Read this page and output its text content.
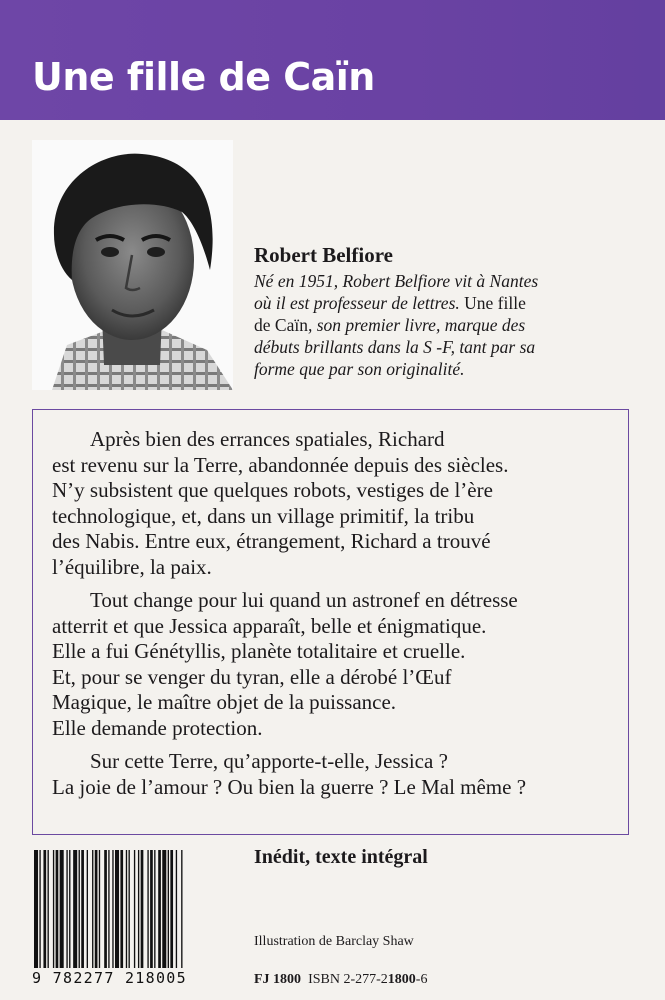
Une fille de Caïn
Robert Belfiore

Né en 1951, Robert Belfiore vit à Nantes

où il est professeur de lettres. Une fille

de Caïn, son premier livre, marque des

débuts brillants dans la S -F, tant par sa

forme que par son originalité.

Après bien des errances spatiales, Richard

est revenu sur la Terre, abandonnée depuis des siècles.

N’y subsistent que quelques robots, vestiges de l’ère

technologique, et, dans un village primitif, la tribu

des Nabis. Entre eux, étrangement, Richard a trouvé

l’équilibre, la paix.

Tout change pour lui quand un astronef en détresse

atterrit et que Jessica apparaît, belle et énigmatique.

Elle a fui Génétyllis, planète totalitaire et cruelle.

Et, pour se venger du tyran, elle a dérobé l’Œuf

Magique, le maître objet de la puissance.

Elle demande protection.

Sur cette Terre, qu’apporte-t-elle, Jessica ?

La joie de l’amour ? Ou bien la guerre ? Le Mal même ?

9 782277 218005
Inédit, texte intégral
Illustration de Barclay Shaw
FJ 1800 ISBN 2-277-21800-6
